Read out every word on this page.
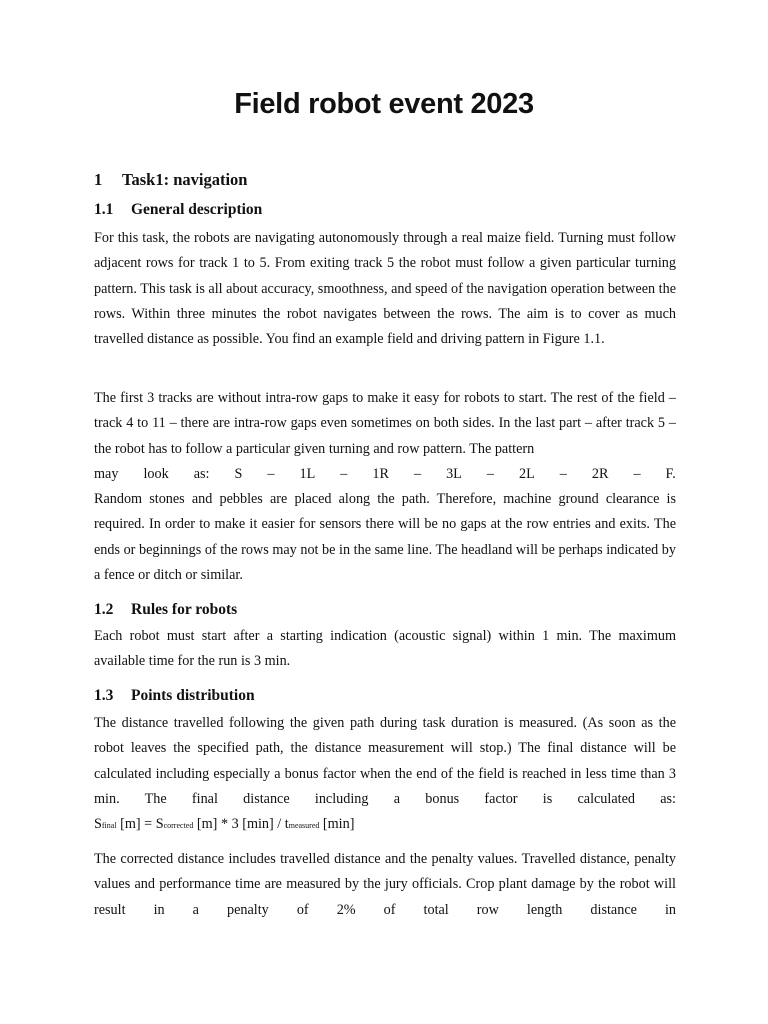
Field robot event 2023
1 Task1: navigation
1.1 General description

For this task, the robots are navigating autonomously through a real maize field. Turning must follow adjacent rows for track 1 to 5. From exiting track 5 the robot must follow a given particular turning pattern. This task is all about accuracy, smoothness, and speed of the navigation operation between the rows. Within three minutes the robot navigates between the rows. The aim is to cover as much travelled distance as possible. You find an example field and driving pattern in Figure 1.1.

The first 3 tracks are without intra-row gaps to make it easy for robots to start. The rest of the field – track 4 to 11 – there are intra-row gaps even sometimes on both sides. In the last part – after track 5 – the robot has to follow a particular given turning and row pattern. The pattern
may look as: S – 1L – 1R – 3L – 2L – 2R – F.
Random stones and pebbles are placed along the path. Therefore, machine ground clearance is required. In order to make it easier for sensors there will be no gaps at the row entries and exits. The ends or beginnings of the rows may not be in the same line. The headland will be perhaps indicated by a fence or ditch or similar.
1.2 Rules for robots

Each robot must start after a starting indication (acoustic signal) within 1 min. The maximum available time for the run is 3 min.

1.3 Points distribution

The distance travelled following the given path during task duration is measured. (As soon as the robot leaves the specified path, the distance measurement will stop.) The final distance will be calculated including especially a bonus factor when the end of the field is reached in less time than 3 min. The final distance including a bonus factor is calculated as:

Sfinal [m] = Scorrected [m] * 3 [min] / tmeasured [min]

The corrected distance includes travelled distance and the penalty values. Travelled distance, penalty values and performance time are measured by the jury officials. Crop plant damage by the robot will result in a penalty of 2% of total row length distance in
